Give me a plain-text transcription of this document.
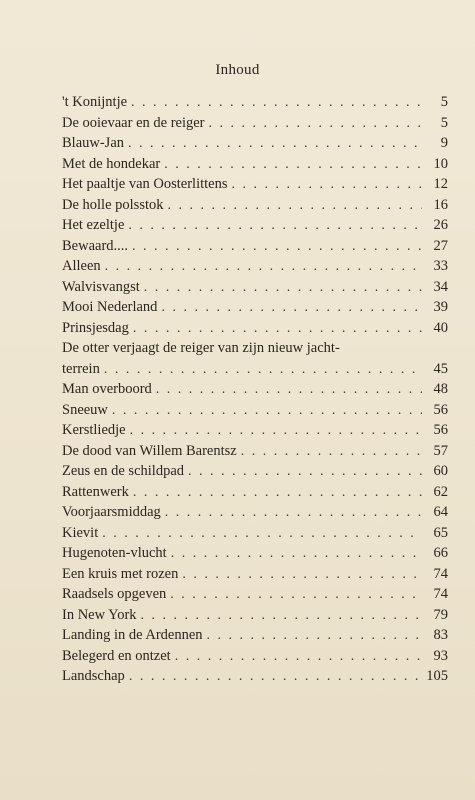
Inhoud
't Konijntje . . .	5
De ooievaar en de reiger . . .	5
Blauw-Jan . . .	9
Met de hondekar . . .	10
Het paaltje van Oosterlittens . . .	12
De holle polsstok . . .	16
Het ezeltje . . .	26
Bewaard.... . . .	27
Alleen . . .	33
Walvisvangst . . .	34
Mooi Nederland . . .	39
Prinsjesdag . . .	40
De otter verjaagt de reiger van zijn nieuw jacht-
terrein . . .	45
Man overboord . . .	48
Sneeuw . . .	56
Kerstliedje . . .	56
De dood van Willem Barentsz . . .	57
Zeus en de schildpad . . .	60
Rattenwerk . . .	62
Voorjaarsmiddag . . .	64
Kievit . . .	65
Hugenoten-vlucht . . .	66
Een kruis met rozen . . .	74
Raadsels opgeven . . .	74
In New York . . .	79
Landing in de Ardennen . . .	83
Belegerd en ontzet . . .	93
Landschap . . .	105
